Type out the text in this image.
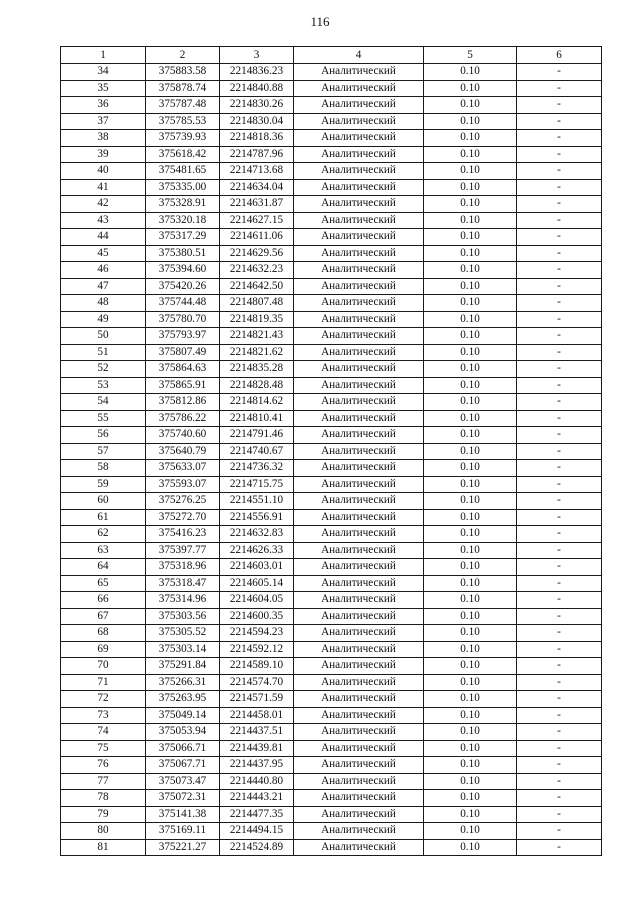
116
1	2	3	4	5	6
34	375883.58	2214836.23	Аналитический	0.10	-
35	375878.74	2214840.88	Аналитический	0.10	-
36	375787.48	2214830.26	Аналитический	0.10	-
37	375785.53	2214830.04	Аналитический	0.10	-
38	375739.93	2214818.36	Аналитический	0.10	-
39	375618.42	2214787.96	Аналитический	0.10	-
40	375481.65	2214713.68	Аналитический	0.10	-
41	375335.00	2214634.04	Аналитический	0.10	-
42	375328.91	2214631.87	Аналитический	0.10	-
43	375320.18	2214627.15	Аналитический	0.10	-
44	375317.29	2214611.06	Аналитический	0.10	-
45	375380.51	2214629.56	Аналитический	0.10	-
46	375394.60	2214632.23	Аналитический	0.10	-
47	375420.26	2214642.50	Аналитический	0.10	-
48	375744.48	2214807.48	Аналитический	0.10	-
49	375780.70	2214819.35	Аналитический	0.10	-
50	375793.97	2214821.43	Аналитический	0.10	-
51	375807.49	2214821.62	Аналитический	0.10	-
52	375864.63	2214835.28	Аналитический	0.10	-
53	375865.91	2214828.48	Аналитический	0.10	-
54	375812.86	2214814.62	Аналитический	0.10	-
55	375786.22	2214810.41	Аналитический	0.10	-
56	375740.60	2214791.46	Аналитический	0.10	-
57	375640.79	2214740.67	Аналитический	0.10	-
58	375633.07	2214736.32	Аналитический	0.10	-
59	375593.07	2214715.75	Аналитический	0.10	-
60	375276.25	2214551.10	Аналитический	0.10	-
61	375272.70	2214556.91	Аналитический	0.10	-
62	375416.23	2214632.83	Аналитический	0.10	-
63	375397.77	2214626.33	Аналитический	0.10	-
64	375318.96	2214603.01	Аналитический	0.10	-
65	375318.47	2214605.14	Аналитический	0.10	-
66	375314.96	2214604.05	Аналитический	0.10	-
67	375303.56	2214600.35	Аналитический	0.10	-
68	375305.52	2214594.23	Аналитический	0.10	-
69	375303.14	2214592.12	Аналитический	0.10	-
70	375291.84	2214589.10	Аналитический	0.10	-
71	375266.31	2214574.70	Аналитический	0.10	-
72	375263.95	2214571.59	Аналитический	0.10	-
73	375049.14	2214458.01	Аналитический	0.10	-
74	375053.94	2214437.51	Аналитический	0.10	-
75	375066.71	2214439.81	Аналитический	0.10	-
76	375067.71	2214437.95	Аналитический	0.10	-
77	375073.47	2214440.80	Аналитический	0.10	-
78	375072.31	2214443.21	Аналитический	0.10	-
79	375141.38	2214477.35	Аналитический	0.10	-
80	375169.11	2214494.15	Аналитический	0.10	-
81	375221.27	2214524.89	Аналитический	0.10	-
